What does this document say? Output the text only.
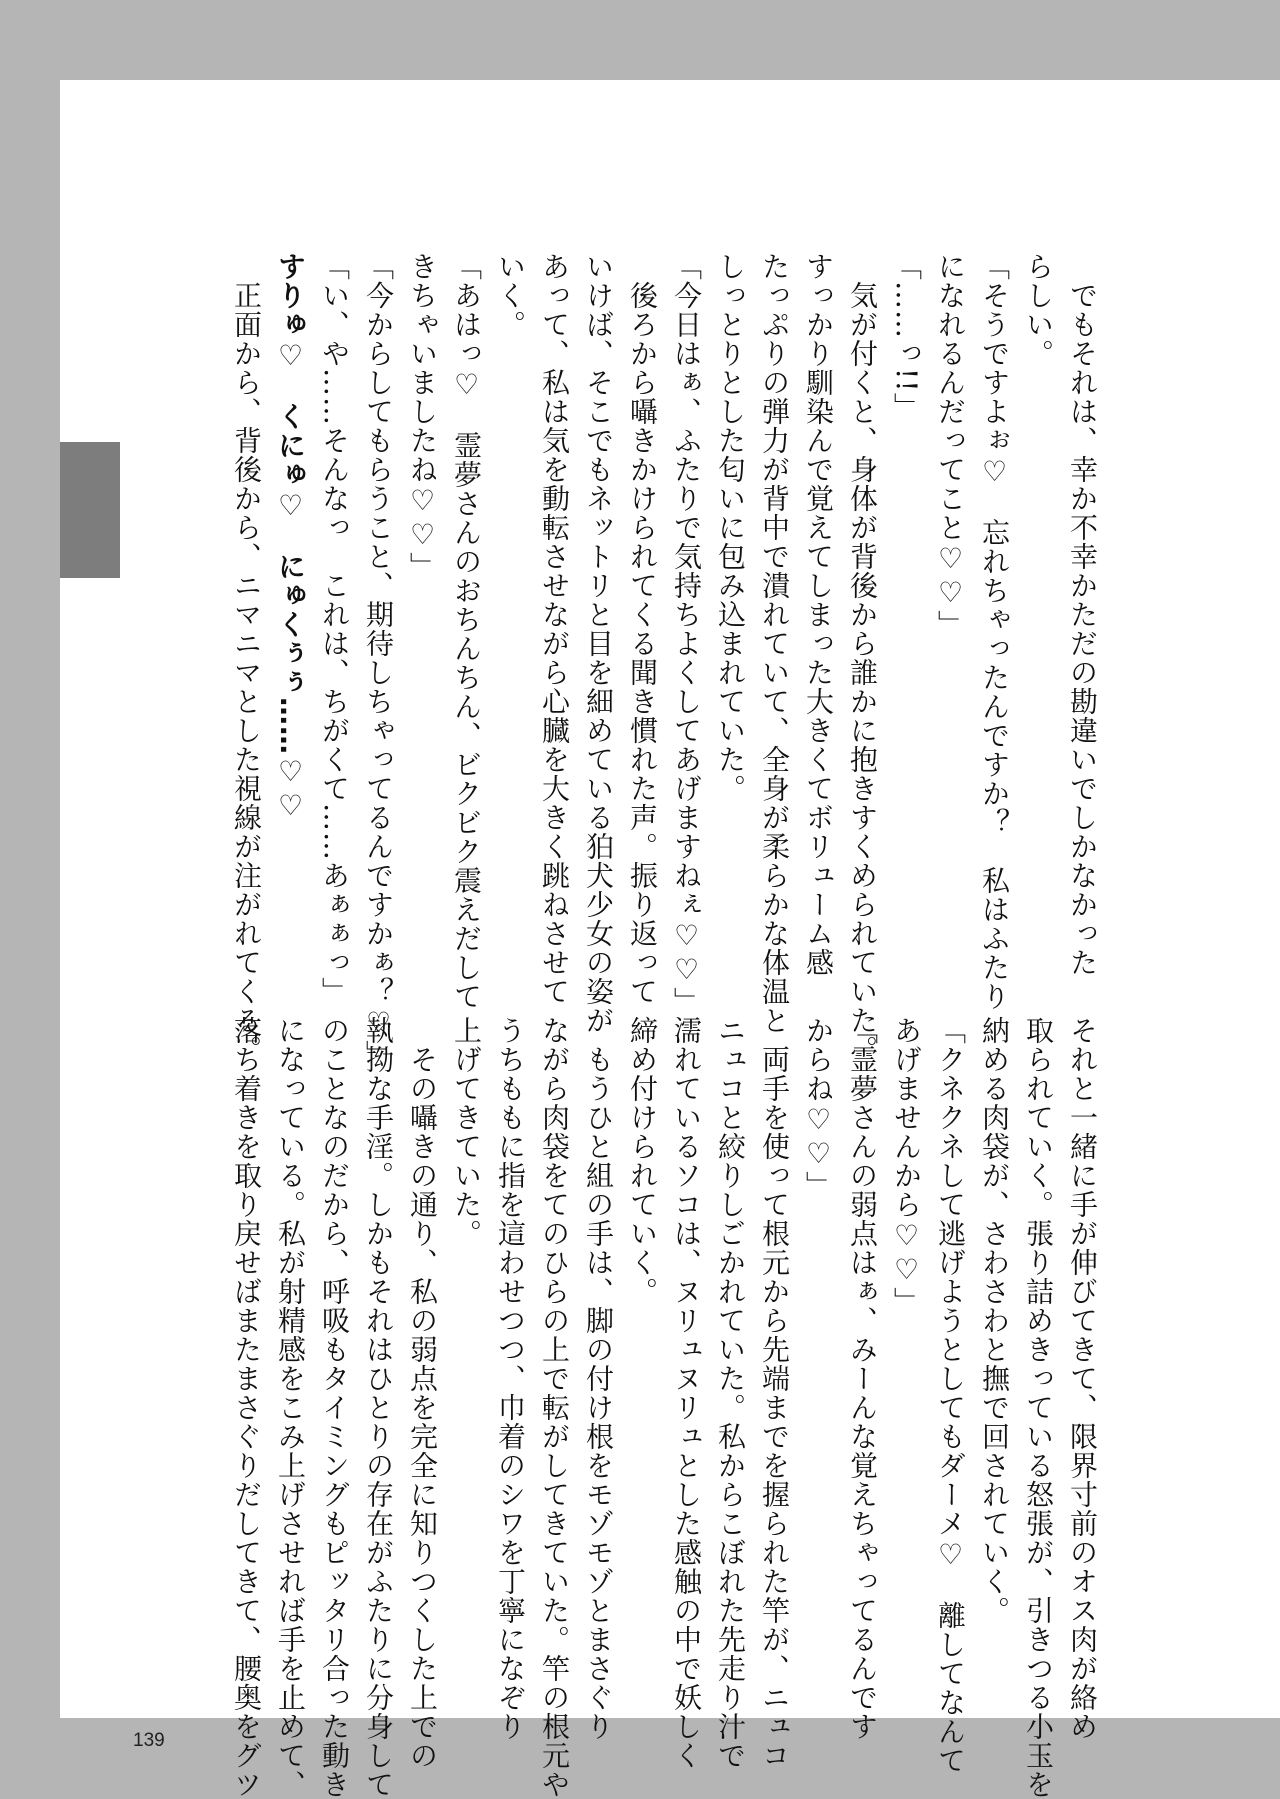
　でもそれは、幸か不幸かただの勘違いでしかなかった
らしい。
「そうですよぉ♡　忘れちゃったんですか？　私はふたり
になれるんだってこと♡♡」
「……っ!!」
　気が付くと、身体が背後から誰かに抱きすくめられていた。
すっかり馴染んで覚えてしまった大きくてボリューム感
たっぷりの弾力が背中で潰れていて、全身が柔らかな体温と
しっとりとした匂いに包み込まれていた。
「今日はぁ、ふたりで気持ちよくしてあげますねぇ♡♡」
　後ろから囁きかけられてくる聞き慣れた声。振り返って
いけば、そこでもネットリと目を細めている狛犬少女の姿が
あって、私は気を動転させながら心臓を大きく跳ねさせて
いく。
「あはっ♡　霊夢さんのおちんちん、ビクビク震えだして
きちゃいましたね♡♡」
「今からしてもらうこと、期待しちゃってるんですかぁ？♡」
「い、や……そんなっ　これは、ちがくて……あぁぁっ」
すりゅ♡　くにゅ♡　にゅくぅぅ……♡♡
　正面から、背後から、ニマニマとした視線が注がれてくる。
それと一緒に手が伸びてきて、限界寸前のオス肉が絡め
取られていく。張り詰めきっている怒張が、引きつる小玉を
納める肉袋が、さわさわと撫で回されていく。
「クネクネして逃げようとしてもダーメ♡　離してなんて
あげませんから♡♡」
「霊夢さんの弱点はぁ、みーんな覚えちゃってるんです
からね♡♡」
　両手を使って根元から先端までを握られた竿が、ニュコ
ニュコと絞りしごかれていた。私からこぼれた先走り汁で
濡れているソコは、ヌリュヌリュとした感触の中で妖しく
締め付けられていく。
　もうひと組の手は、脚の付け根をモゾモゾとまさぐり
ながら肉袋をてのひらの上で転がしてきていた。竿の根元や
うちももに指を這わせつつ、巾着のシワを丁寧になぞり
上げてきていた。
　その囁きの通り、私の弱点を完全に知りつくした上での
執拗な手淫。しかもそれはひとりの存在がふたりに分身して
のことなのだから、呼吸もタイミングもピッタリ合った動き
になっている。私が射精感をこみ上げさせれば手を止めて、
落ち着きを取り戻せばまたまさぐりだしてきて、腰奥をグツ
139
